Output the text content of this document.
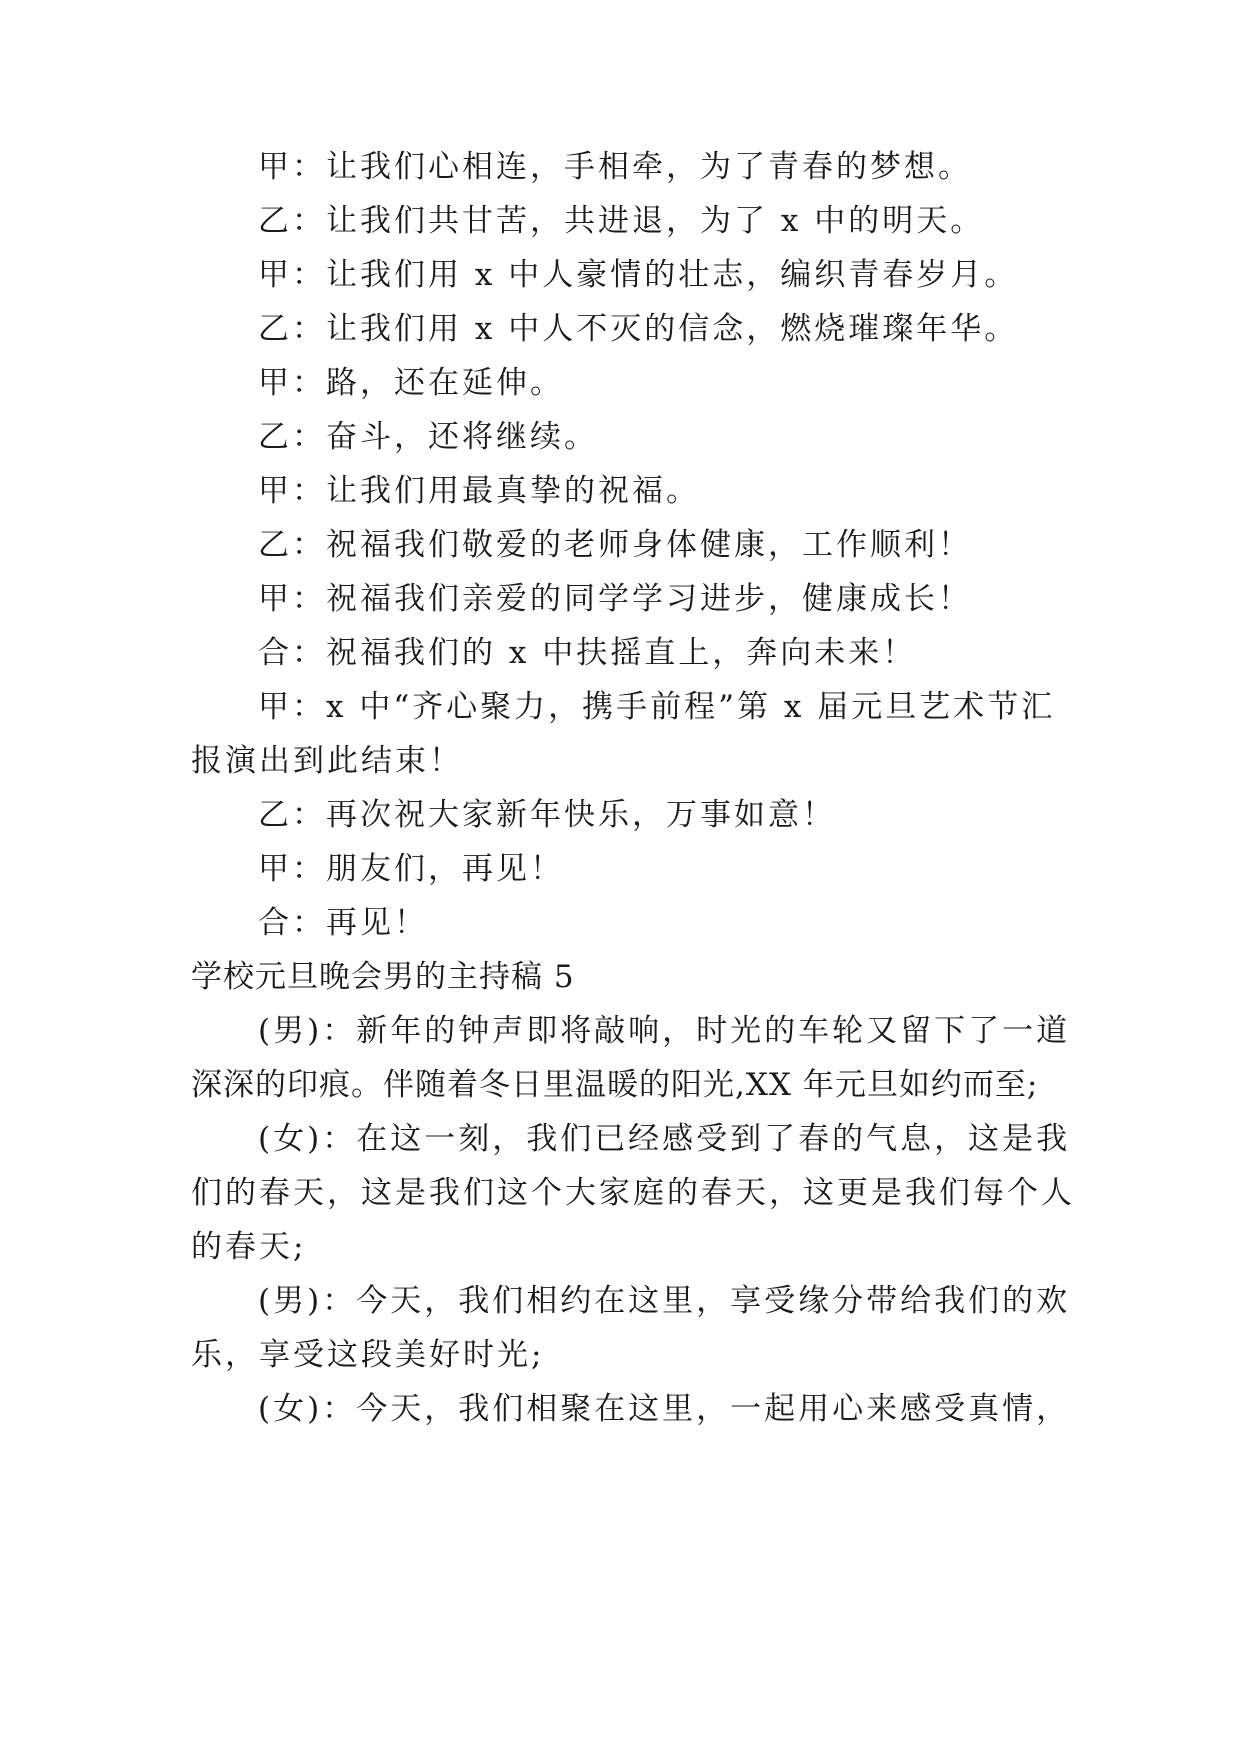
甲：让我们心相连，手相牵，为了青春的梦想。
乙：让我们共甘苦，共进退，为了 x 中的明天。
甲：让我们用 x 中人豪情的壮志，编织青春岁月。
乙：让我们用 x 中人不灭的信念，燃烧璀璨年华。
甲：路，还在延伸。
乙：奋斗，还将继续。
甲：让我们用最真挚的祝福。
乙：祝福我们敬爱的老师身体健康，工作顺利！
甲：祝福我们亲爱的同学学习进步，健康成长！
合：祝福我们的 x 中扶摇直上，奔向未来！
甲：x 中“齐心聚力，携手前程”第 x 届元旦艺术节汇
报演出到此结束！
乙：再次祝大家新年快乐，万事如意！
甲：朋友们，再见！
合：再见！
学校元旦晚会男的主持稿 5
(男)：新年的钟声即将敲响，时光的车轮又留下了一道
深深的印痕。伴随着冬日里温暖的阳光,XX 年元旦如约而至;
(女)：在这一刻，我们已经感受到了春的气息，这是我
们的春天，这是我们这个大家庭的春天，这更是我们每个人
的春天;
(男)：今天，我们相约在这里，享受缘分带给我们的欢
乐，享受这段美好时光;
(女)：今天，我们相聚在这里，一起用心来感受真情，
